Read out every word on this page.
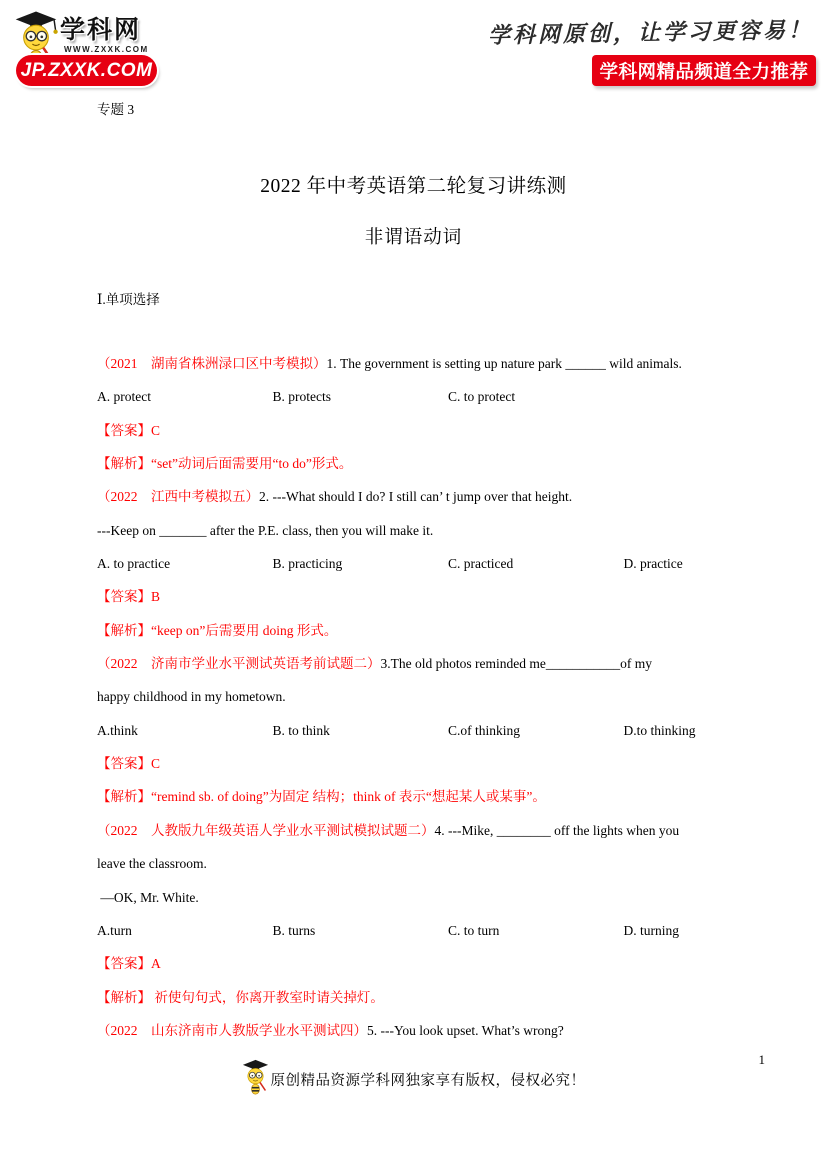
学科网
WWW.ZXXK.COM
JP.ZXXK.COM
学科网原创，让学习更容易！
学科网精品频道全力推荐
专题 3
2022 年中考英语第二轮复习讲练测
非谓语动词
Ⅰ.单项选择
（2021　湖南省株洲渌口区中考模拟）1. The government is setting up nature park ______ wild animals.
A. protect	B. protects	C. to protect
【答案】C
【解析】“set”动词后面需要用“to do”形式。
（2022　江西中考模拟五）2. ---What should I do? I still can’ t jump over that height.
---Keep on _______ after the P.E. class, then you will make it.
A. to practice	B. practicing	C. practiced	D. practice
【答案】B
【解析】“keep on”后需要用 doing 形式。
（2022　济南市学业水平测试英语考前试题二）3.The old photos reminded me___________of my
happy childhood in my hometown.
A.think	B. to think	C.of thinking	D.to thinking
【答案】C
【解析】“remind sb. of doing”为固定 结构；think of 表示“想起某人或某事”。
（2022　人教版九年级英语人学业水平测试模拟试题二）4. ---Mike, ________ off the lights when you
leave the classroom.
—OK, Mr. White.
A.turn	B. turns	C. to turn	D. turning
【答案】A
【解析】 祈使句句式，你离开教室时请关掉灯。
（2022　山东济南市人教版学业水平测试四）5. ---You look upset. What’s wrong?
原创精品资源学科网独家享有版权，侵权必究！
1
